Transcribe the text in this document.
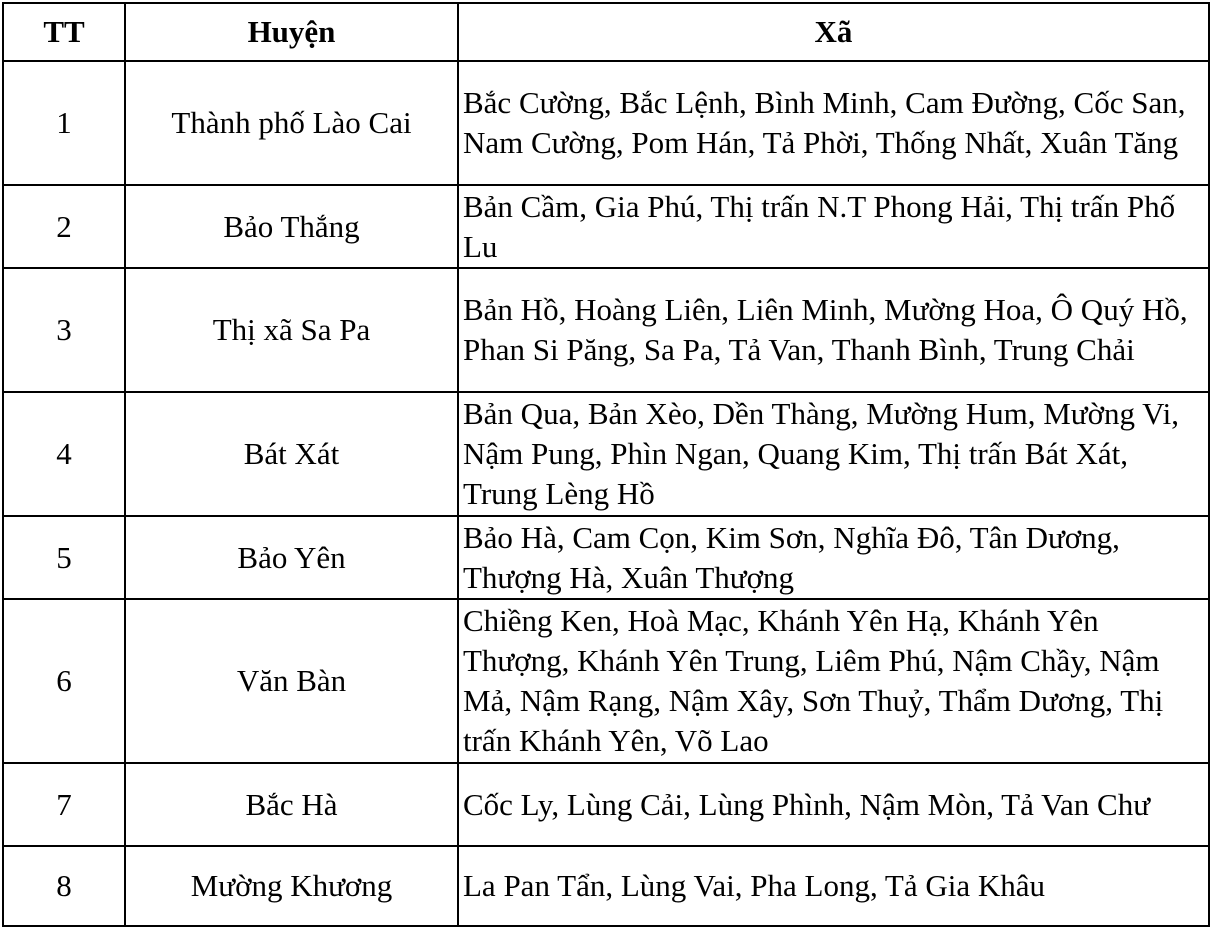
TT	Huyện	Xã
1	Thành phố Lào Cai	Bắc Cường, Bắc Lệnh, Bình Minh, Cam Đường, Cốc San, Nam Cường, Pom Hán, Tả Phời, Thống Nhất, Xuân Tăng
2	Bảo Thắng	Bản Cầm, Gia Phú, Thị trấn N.T Phong Hải, Thị trấn Phố Lu
3	Thị xã Sa Pa	Bản Hồ, Hoàng Liên, Liên Minh, Mường Hoa, Ô Quý Hồ, Phan Si Păng, Sa Pa, Tả Van, Thanh Bình, Trung Chải
4	Bát Xát	Bản Qua, Bản Xèo, Dền Thàng, Mường Hum, Mường Vi, Nậm Pung, Phìn Ngan, Quang Kim, Thị trấn Bát Xát, Trung Lèng Hồ
5	Bảo Yên	Bảo Hà, Cam Cọn, Kim Sơn, Nghĩa Đô, Tân Dương, Thượng Hà, Xuân Thượng
6	Văn Bàn	Chiềng Ken, Hoà Mạc, Khánh Yên Hạ, Khánh Yên Thượng, Khánh Yên Trung, Liêm Phú, Nậm Chầy, Nậm Mả, Nậm Rạng, Nậm Xây, Sơn Thuỷ, Thẩm Dương, Thị trấn Khánh Yên, Võ Lao
7	Bắc Hà	Cốc Ly, Lùng Cải, Lùng Phình, Nậm Mòn, Tả Van Chư
8	Mường Khương	La Pan Tẩn, Lùng Vai, Pha Long, Tả Gia Khâu
